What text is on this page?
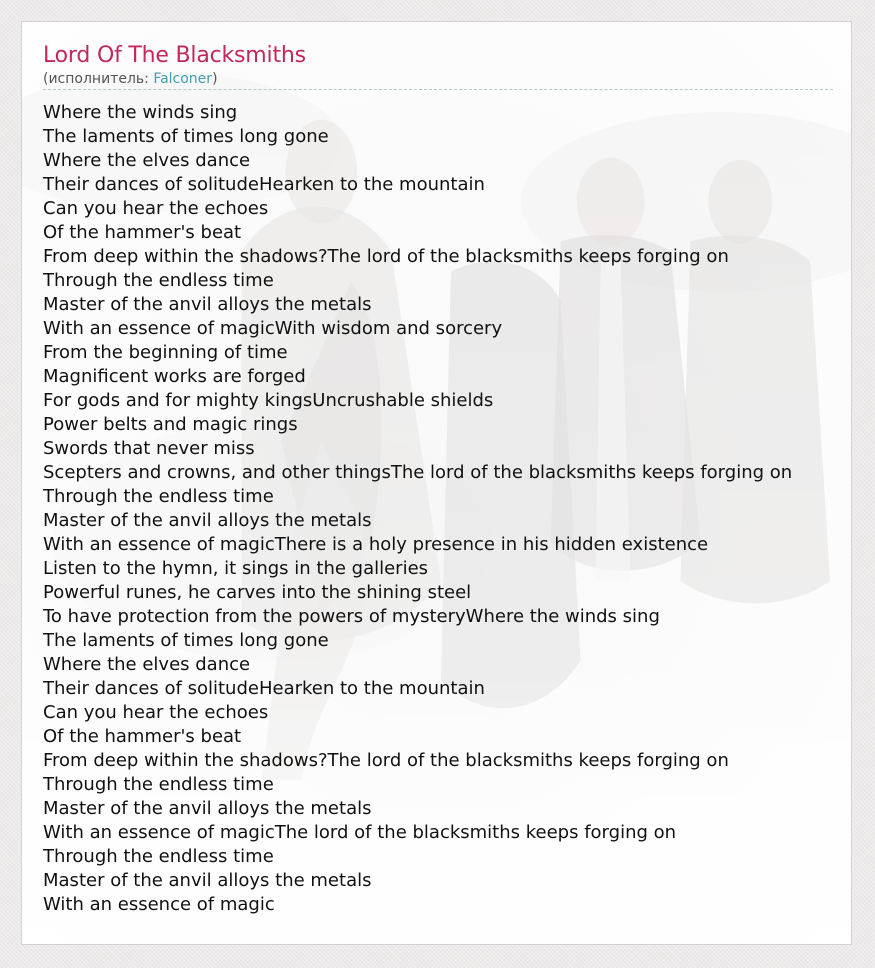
Lord Of The Blacksmiths
(исполнитель: Falconer)
Where the winds sing
The laments of times long gone
Where the elves dance
Their dances of solitudeHearken to the mountain
Can you hear the echoes
Of the hammer's beat
From deep within the shadows?The lord of the blacksmiths keeps forging on
Through the endless time
Master of the anvil alloys the metals
With an essence of magicWith wisdom and sorcery
From the beginning of time
Magnificent works are forged
For gods and for mighty kingsUncrushable shields
Power belts and magic rings
Swords that never miss
Scepters and crowns, and other thingsThe lord of the blacksmiths keeps forging on
Through the endless time
Master of the anvil alloys the metals
With an essence of magicThere is a holy presence in his hidden existence
Listen to the hymn, it sings in the galleries
Powerful runes, he carves into the shining steel
To have protection from the powers of mysteryWhere the winds sing
The laments of times long gone
Where the elves dance
Their dances of solitudeHearken to the mountain
Can you hear the echoes
Of the hammer's beat
From deep within the shadows?The lord of the blacksmiths keeps forging on
Through the endless time
Master of the anvil alloys the metals
With an essence of magicThe lord of the blacksmiths keeps forging on
Through the endless time
Master of the anvil alloys the metals
With an essence of magic
